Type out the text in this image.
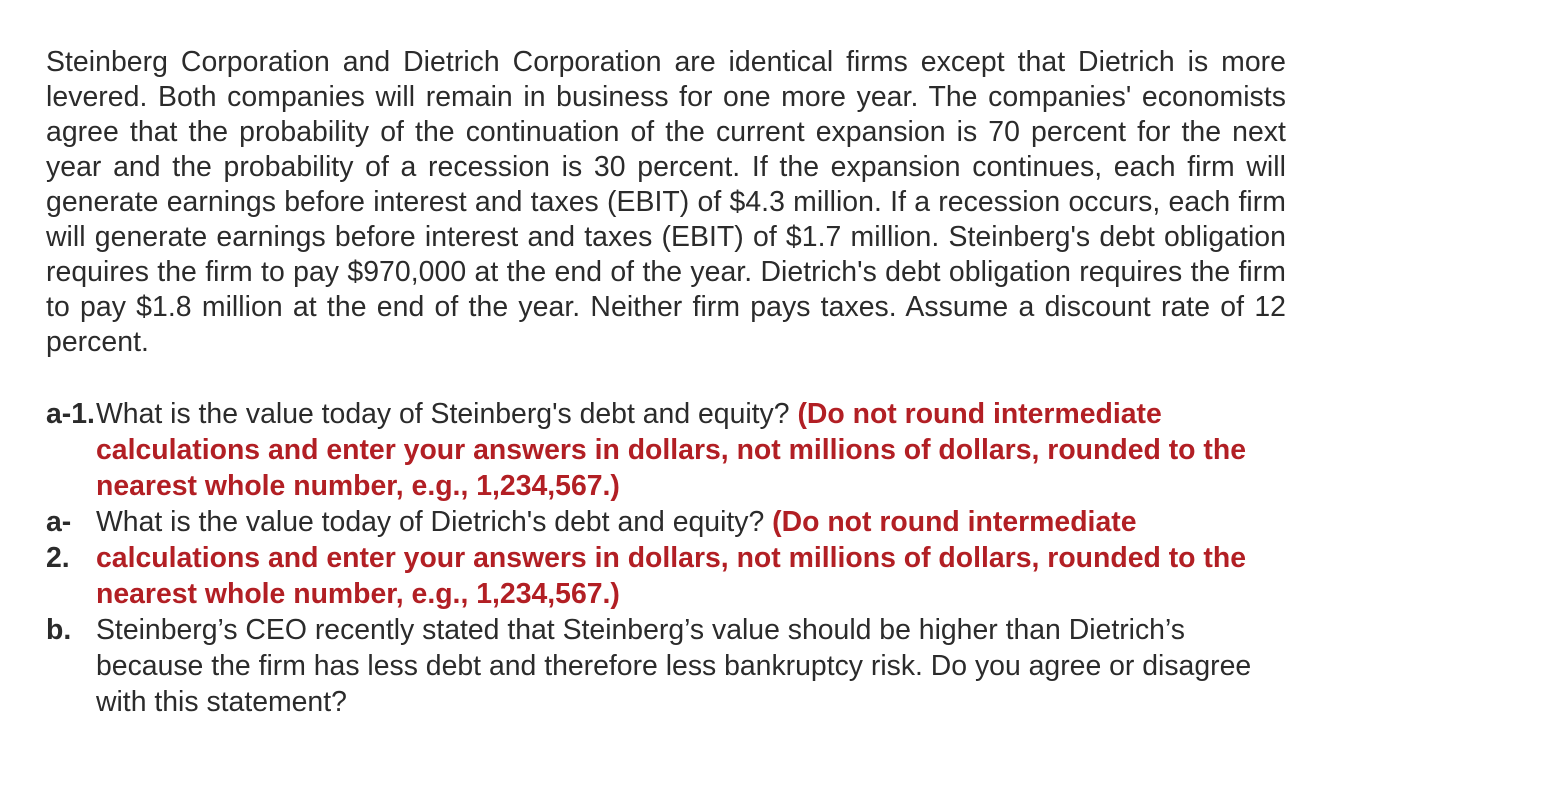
Steinberg Corporation and Dietrich Corporation are identical firms except that Dietrich is more levered. Both companies will remain in business for one more year. The companies' economists agree that the probability of the continuation of the current expansion is 70 percent for the next year and the probability of a recession is 30 percent. If the expansion continues, each firm will generate earnings before interest and taxes (EBIT) of $4.3 million. If a recession occurs, each firm will generate earnings before interest and taxes (EBIT) of $1.7 million. Steinberg's debt obligation requires the firm to pay $970,000 at the end of the year. Dietrich's debt obligation requires the firm to pay $1.8 million at the end of the year. Neither firm pays taxes. Assume a discount rate of 12 percent.

a-1. What is the value today of Steinberg's debt and equity? (Do not round intermediate calculations and enter your answers in dollars, not millions of dollars, rounded to the nearest whole number, e.g., 1,234,567.)
a-
2.
What is the value today of Dietrich's debt and equity? (Do not round intermediate calculations and enter your answers in dollars, not millions of dollars, rounded to the nearest whole number, e.g., 1,234,567.)
b. Steinberg’s CEO recently stated that Steinberg’s value should be higher than Dietrich’s because the firm has less debt and therefore less bankruptcy risk. Do you agree or disagree with this statement?
